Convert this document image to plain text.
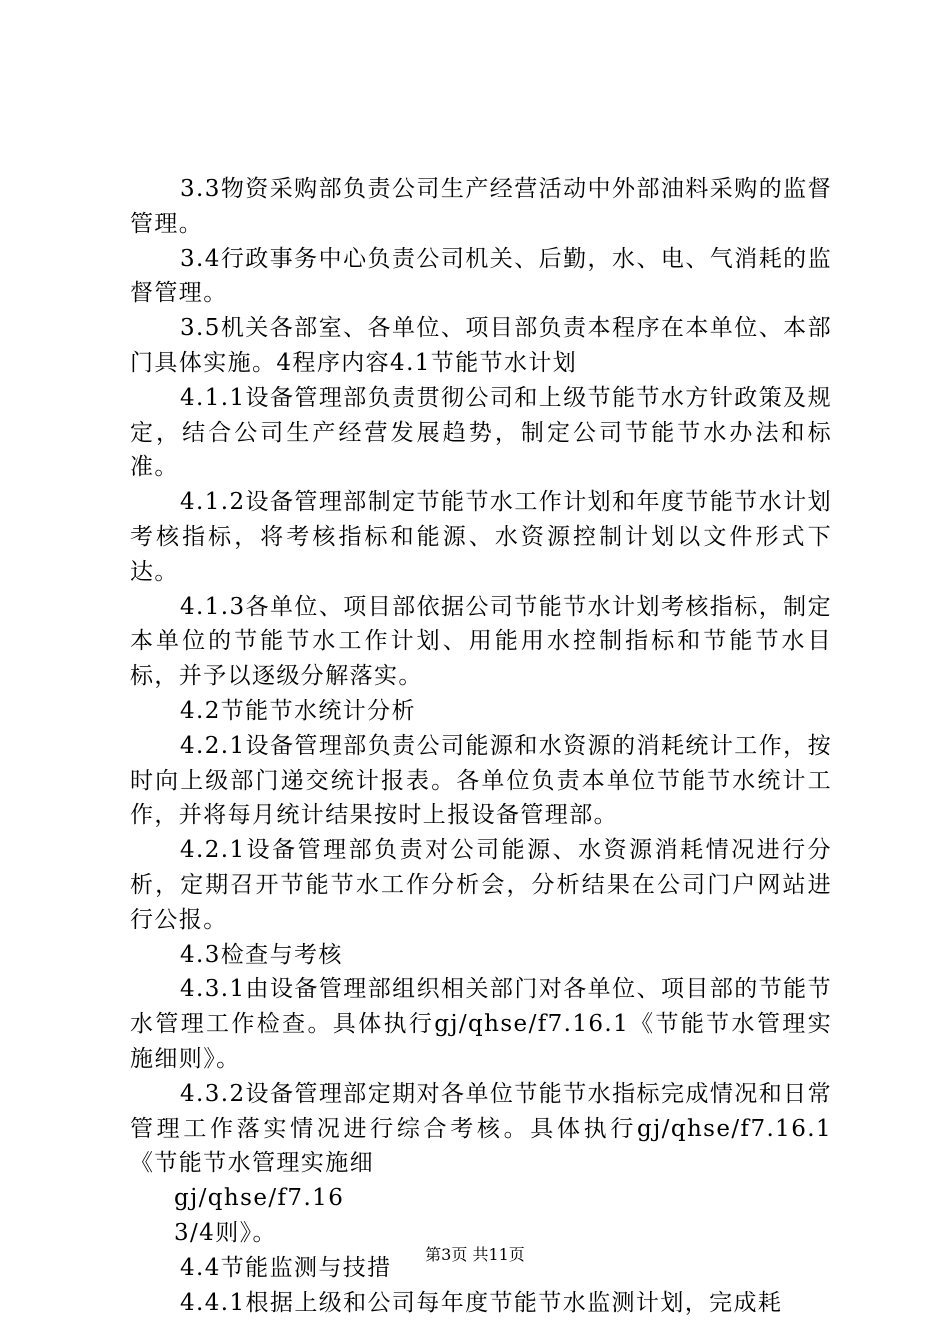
3.3物资采购部负责公司生产经营活动中外部油料采购的监督管理。

3.4行政事务中心负责公司机关、后勤，水、电、气消耗的监督管理。

3.5机关各部室、各单位、项目部负责本程序在本单位、本部门具体实施。4程序内容4.1节能节水计划

4.1.1设备管理部负责贯彻公司和上级节能节水方针政策及规定，结合公司生产经营发展趋势，制定公司节能节水办法和标准。

4.1.2设备管理部制定节能节水工作计划和年度节能节水计划考核指标，将考核指标和能源、水资源控制计划以文件形式下达。

4.1.3各单位、项目部依据公司节能节水计划考核指标，制定本单位的节能节水工作计划、用能用水控制指标和节能节水目标，并予以逐级分解落实。

4.2节能节水统计分析

4.2.1设备管理部负责公司能源和水资源的消耗统计工作，按时向上级部门递交统计报表。各单位负责本单位节能节水统计工作，并将每月统计结果按时上报设备管理部。

4.2.1设备管理部负责对公司能源、水资源消耗情况进行分析，定期召开节能节水工作分析会，分析结果在公司门户网站进行公报。

4.3检查与考核

4.3.1由设备管理部组织相关部门对各单位、项目部的节能节水管理工作检查。具体执行gj/qhse/f7.16.1《节能节水管理实施细则》。

4.3.2设备管理部定期对各单位节能节水指标完成情况和日常管理工作落实情况进行综合考核。具体执行gj/qhse/f7.16.1《节能节水管理实施细

gj/qhse/f7.16

3/4则》。

4.4节能监测与技措

4.4.1根据上级和公司每年度节能节水监测计划，完成耗

第3页 共11页
